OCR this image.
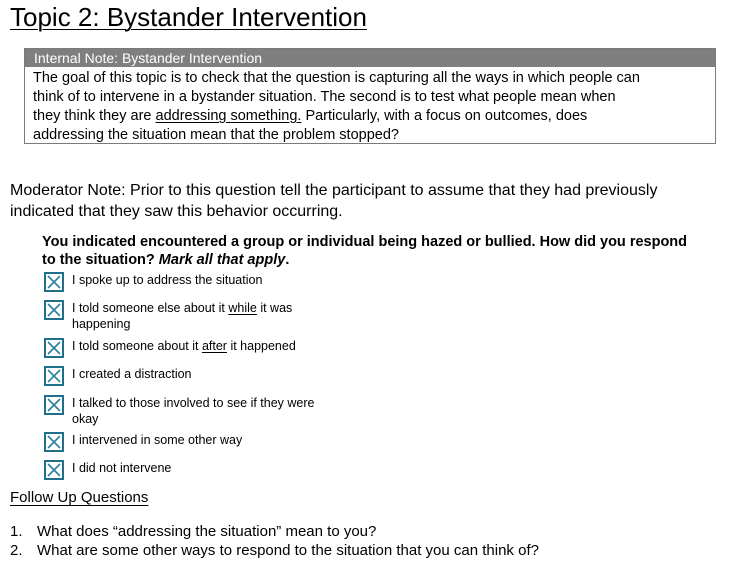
Topic 2: Bystander Intervention
Internal Note: Bystander Intervention
The goal of this topic is to check that the question is capturing all the ways in which people can
think of to intervene in a bystander situation. The second is to test what people mean when
they think they are addressing something. Particularly, with a focus on outcomes, does
addressing the situation mean that the problem stopped?
Moderator Note: Prior to this question tell the participant to assume that they had previously indicated that they saw this behavior occurring.
You indicated encountered a group or individual being hazed or bullied. How did you respond to the situation? Mark all that apply.
I spoke up to address the situation
I told someone else about it while it was happening
I told someone about it after it happened
I created a distraction
I talked to those involved to see if they were okay
I intervened in some other way
I did not intervene
Follow Up Questions
1. What does “addressing the situation” mean to you?
2. What are some other ways to respond to the situation that you can think of?
